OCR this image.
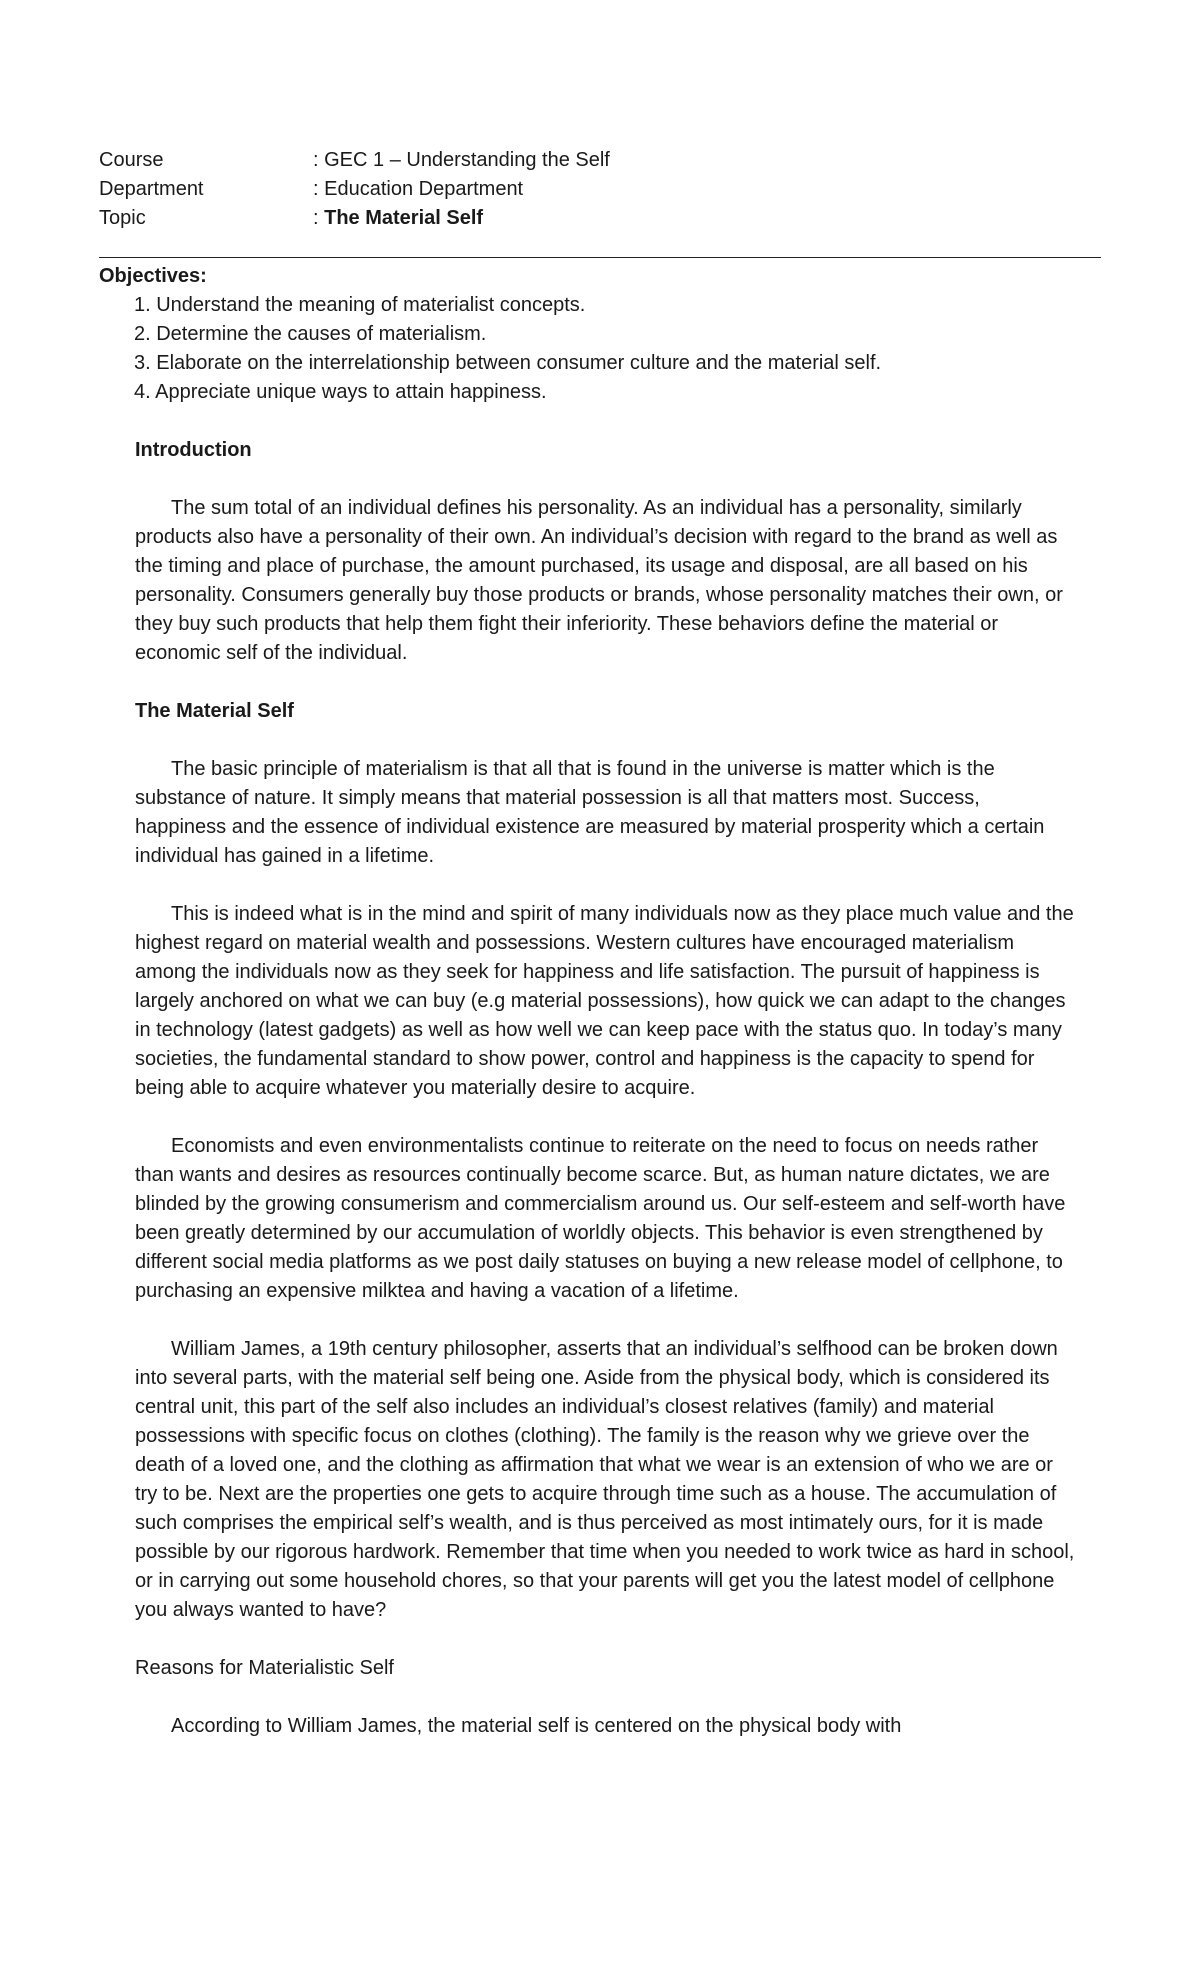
Course	: GEC 1 – Understanding the Self
Department	: Education Department
Topic	: The Material Self
Objectives:
1. Understand the meaning of materialist concepts.
2. Determine the causes of materialism.
3. Elaborate on the interrelationship between consumer culture and the material self.
4. Appreciate unique ways to attain happiness.
Introduction

The sum total of an individual defines his personality. As an individual has a personality, similarly products also have a personality of their own. An individual’s decision with regard to the brand as well as the timing and place of purchase, the amount purchased, its usage and disposal, are all based on his personality. Consumers generally buy those products or brands, whose personality matches their own, or they buy such products that help them fight their inferiority. These behaviors define the material or economic self of the individual.

The Material Self

The basic principle of materialism is that all that is found in the universe is matter which is the substance of nature. It simply means that material possession is all that matters most. Success, happiness and the essence of individual existence are measured by material prosperity which a certain individual has gained in a lifetime.

This is indeed what is in the mind and spirit of many individuals now as they place much value and the highest regard on material wealth and possessions. Western cultures have encouraged materialism among the individuals now as they seek for happiness and life satisfaction. The pursuit of happiness is largely anchored on what we can buy (e.g material possessions), how quick we can adapt to the changes in technology (latest gadgets) as well as how well we can keep pace with the status quo. In today’s many societies, the fundamental standard to show power, control and happiness is the capacity to spend for being able to acquire whatever you materially desire to acquire.

Economists and even environmentalists continue to reiterate on the need to focus on needs rather than wants and desires as resources continually become scarce. But, as human nature dictates, we are blinded by the growing consumerism and commercialism around us. Our self-esteem and self-worth have been greatly determined by our accumulation of worldly objects. This behavior is even strengthened by different social media platforms as we post daily statuses on buying a new release model of cellphone, to purchasing an expensive milktea and having a vacation of a lifetime.

William James, a 19th century philosopher, asserts that an individual’s selfhood can be broken down into several parts, with the material self being one. Aside from the physical body, which is considered its central unit, this part of the self also includes an individual’s closest relatives (family) and material possessions with specific focus on clothes (clothing). The family is the reason why we grieve over the death of a loved one, and the clothing as affirmation that what we wear is an extension of who we are or try to be. Next are the properties one gets to acquire through time such as a house. The accumulation of such comprises the empirical self’s wealth, and is thus perceived as most intimately ours, for it is made possible by our rigorous hardwork. Remember that time when you needed to work twice as hard in school, or in carrying out some household chores, so that your parents will get you the latest model of cellphone you always wanted to have?

Reasons for Materialistic Self

According to William James, the material self is centered on the physical body with
